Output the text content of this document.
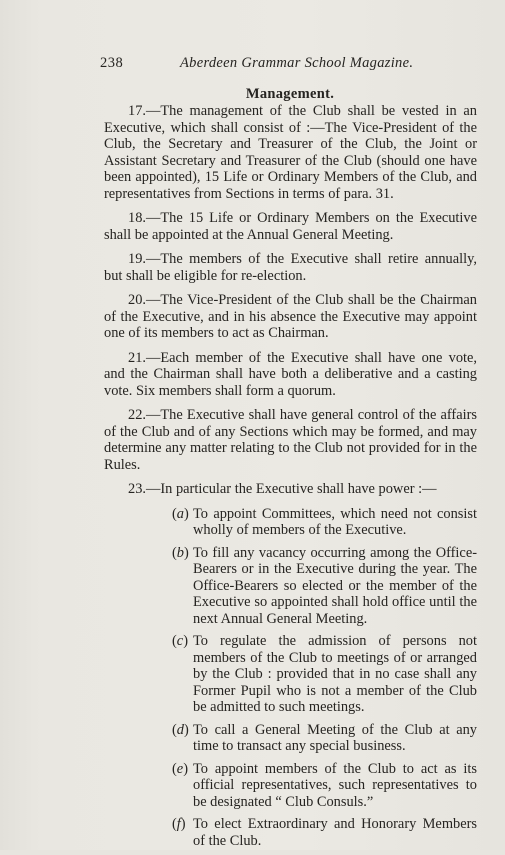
238	Aberdeen Grammar School Magazine.
Management.

17.—The management of the Club shall be vested in an Executive, which shall consist of :—The Vice-President of the Club, the Secretary and Treasurer of the Club, the Joint or Assistant Secretary and Treasurer of the Club (should one have been appointed), 15 Life or Ordinary Members of the Club, and representatives from Sections in terms of para. 31.

18.—The 15 Life or Ordinary Members on the Executive shall be appointed at the Annual General Meeting.

19.—The members of the Executive shall retire annually, but shall be eligible for re-election.

20.—The Vice-President of the Club shall be the Chairman of the Executive, and in his absence the Executive may appoint one of its members to act as Chairman.

21.—Each member of the Executive shall have one vote, and the Chairman shall have both a deliberative and a casting vote. Six members shall form a quorum.

22.—The Executive shall have general control of the affairs of the Club and of any Sections which may be formed, and may determine any matter relating to the Club not provided for in the Rules.

23.—In particular the Executive shall have power :—

(a) To appoint Committees, which need not consist wholly of members of the Executive.
(b) To fill any vacancy occurring among the Office-Bearers or in the Executive during the year. The Office-Bearers so elected or the member of the Executive so appointed shall hold office until the next Annual General Meeting.
(c) To regulate the admission of persons not members of the Club to meetings of or arranged by the Club : provided that in no case shall any Former Pupil who is not a member of the Club be admitted to such meetings.
(d) To call a General Meeting of the Club at any time to transact any special business.
(e) To appoint members of the Club to act as its official representatives, such representatives to be designated “ Club Consuls.”
(f) To elect Extraordinary and Honorary Members of the Club.
